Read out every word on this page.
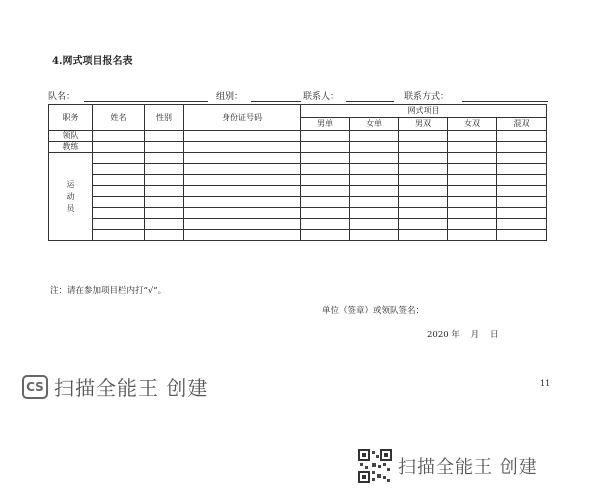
4.网式项目报名表
队名：	组别：	联系人：	联系方式：
职务	姓名	性别	身份证号码	网式项目				
				男单	女单	男双	女双	混双
领队								
教练								
运
动
员								

注：请在参加项目栏内打“√”。
单位（签章）或领队签名：
2020 年    月    日
11
CS 扫描全能王 创建
扫描全能王 创建
